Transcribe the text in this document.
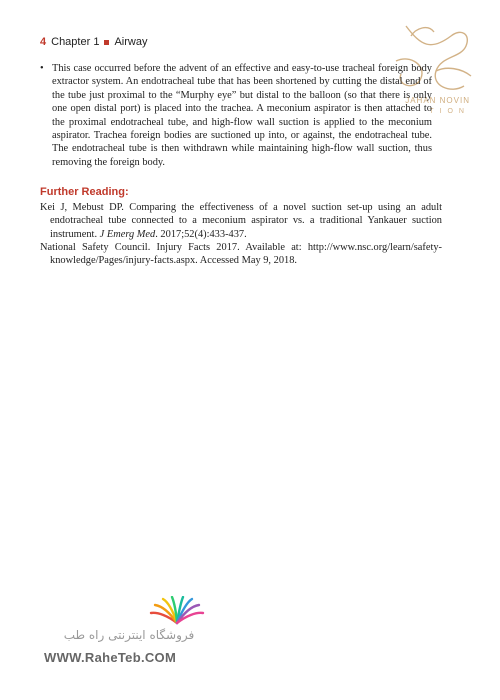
4 Chapter 1 Airway
JAHAN NOVIN
TION
• This case occurred before the advent of an effective and easy-to-use tracheal foreign body extractor system. An endotracheal tube that has been shortened by cutting the distal end of the tube just proximal to the “Murphy eye” but distal to the balloon (so that there is only one open distal port) is placed into the trachea. A meconium aspirator is then attached to the proximal endotracheal tube, and high-flow wall suction is applied to the meconium aspirator. Trachea foreign bodies are suctioned up into, or against, the endotracheal tube. The endotracheal tube is then withdrawn while maintaining high-flow wall suction, thus removing the foreign body.

Further Reading:

Kei J, Mebust DP. Comparing the effectiveness of a novel suction set-up using an adult endotracheal tube connected to a meconium aspirator vs. a traditional Yankauer suction instrument. J Emerg Med. 2017;52(4):433-437.

National Safety Council. Injury Facts 2017. Available at: http://www.nsc.org/learn/safety-knowledge/Pages/injury-facts.aspx. Accessed May 9, 2018.

فروشگاه اینترنتی راه طب
WWW.RaheTeb.COM
